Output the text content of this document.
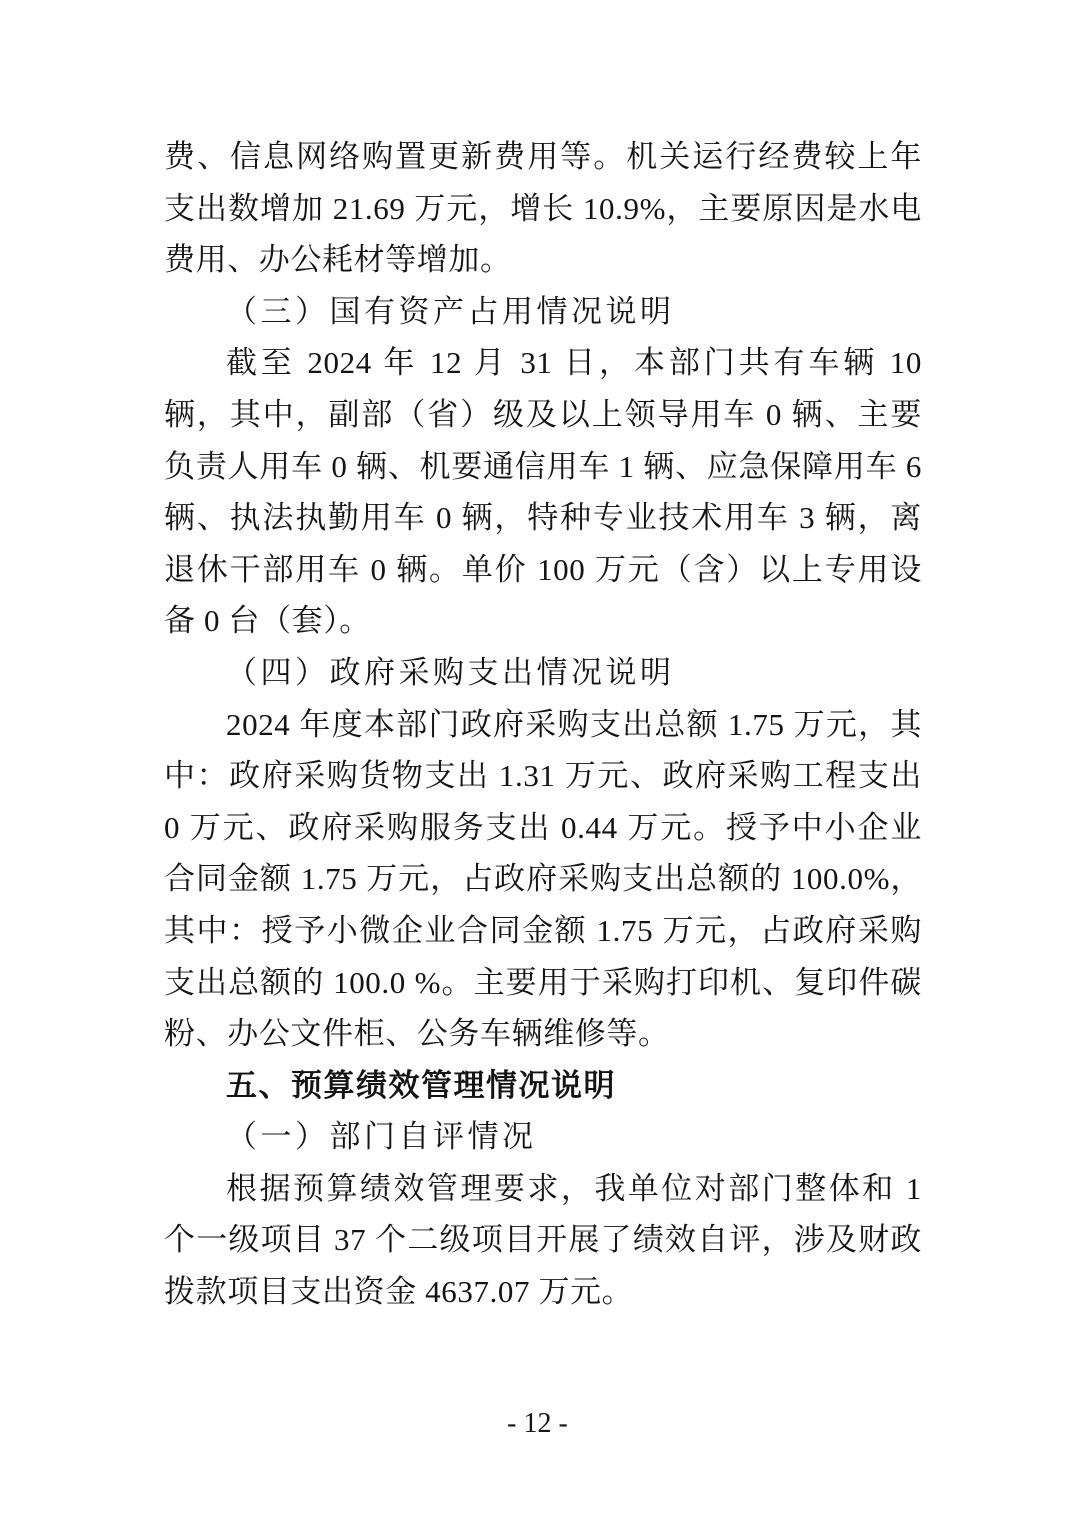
费、信息网络购置更新费用等。机关运行经费较上年支出数增加 21.69 万元，增长 10.9%，主要原因是水电费用、办公耗材等增加。

（三）国有资产占用情况说明

截至 2024 年 12 月 31 日，本部门共有车辆 10 辆，其中，副部（省）级及以上领导用车 0 辆、主要负责人用车 0 辆、机要通信用车 1 辆、应急保障用车 6 辆、执法执勤用车 0 辆，特种专业技术用车 3 辆，离退休干部用车 0 辆。单价 100 万元（含）以上专用设备 0 台（套）。

（四）政府采购支出情况说明

2024 年度本部门政府采购支出总额 1.75 万元，其中：政府采购货物支出 1.31 万元、政府采购工程支出 0 万元、政府采购服务支出 0.44 万元。授予中小企业合同金额 1.75 万元，占政府采购支出总额的 100.0%，其中：授予小微企业合同金额 1.75 万元，占政府采购支出总额的 100.0 %。主要用于采购打印机、复印件碳粉、办公文件柜、公务车辆维修等。

五、预算绩效管理情况说明

（一）部门自评情况

根据预算绩效管理要求，我单位对部门整体和 1 个一级项目 37 个二级项目开展了绩效自评，涉及财政拨款项目支出资金 4637.07 万元。

- 12 -
